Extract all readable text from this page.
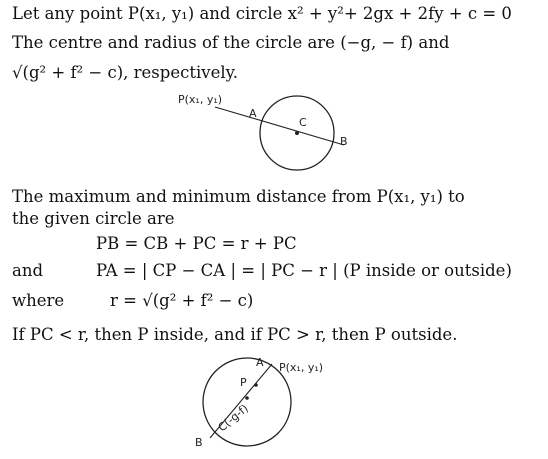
Let any point P(x₁, y₁) and circle x² + y²+ 2gx + 2fy + c = 0
The centre and radius of the circle are (−g, − f) and
√(g² + f² − c), respectively.
P(x₁, y₁)
A
C
B
The maximum and minimum distance from P(x₁, y₁) to
the given circle are
PB = CB + PC = r + PC
and	PA = | CP − CA | = | PC − r | (P inside or outside)
where	r = √(g² + f² − c)
If PC < r, then P inside, and if PC > r, then P outside.
A P(x₁, y₁)
P
C(-g-f)
B
